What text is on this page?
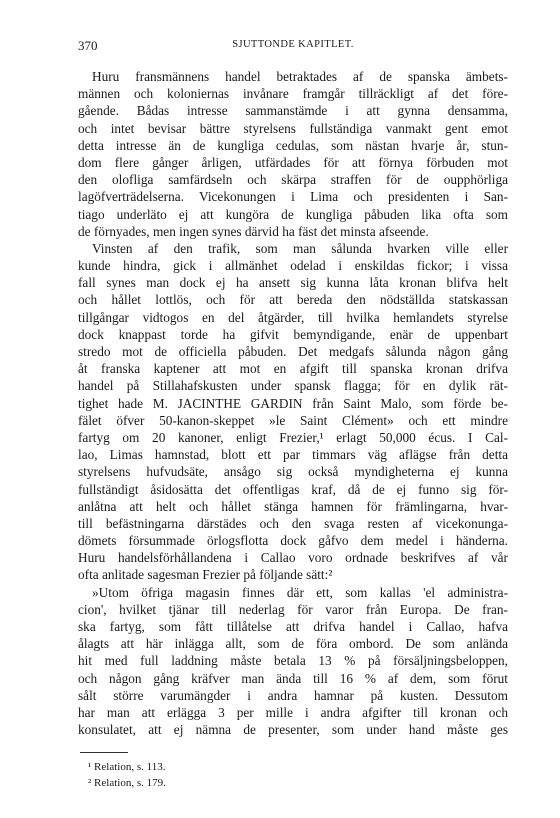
370	SJUTTONDE KAPITLET.
Huru fransmännens handel betraktades af de spanska ämbets-
männen och koloniernas invånare framgår tillräckligt af det före-
gående. Bådas intresse sammanstämde i att gynna densamma,
och intet bevisar bättre styrelsens fullständiga vanmakt gent emot
detta intresse än de kungliga cedulas, som nästan hvarje år, stun-
dom flere gånger årligen, utfärdades för att förnya förbuden mot
den olofliga samfärdseln och skärpa straffen för de oupphörliga
lagöfverträdelserna. Vicekonungen i Lima och presidenten i San-
tiago underläto ej att kungöra de kungliga påbuden lika ofta som
de förnyades, men ingen synes därvid ha fäst det minsta afseende.
Vinsten af den trafik, som man sålunda hvarken ville eller
kunde hindra, gick i allmänhet odelad i enskildas fickor; i vissa
fall synes man dock ej ha ansett sig kunna låta kronan blifva helt
och hållet lottlös, och för att bereda den nödställda statskassan
tillgångar vidtogos en del åtgärder, till hvilka hemlandets styrelse
dock knappast torde ha gifvit bemyndigande, enär de uppenbart
stredo mot de officiella påbuden. Det medgafs sålunda någon gång
åt franska kaptener att mot en afgift till spanska kronan drifva
handel på Stillahafskusten under spansk flagga; för en dylik rät-
tighet hade M. JACINTHE GARDIN från Saint Malo, som förde be-
fälet öfver 50-kanon-skeppet »le Saint Clément» och ett mindre
fartyg om 20 kanoner, enligt Frezier,¹ erlagt 50,000 écus. I Cal-
lao, Limas hamnstad, blott ett par timmars väg aflägse från detta
styrelsens hufvudsäte, ansågo sig också myndigheterna ej kunna
fullständigt åsidosätta det offentligas kraf, då de ej funno sig för-
anlåtna att helt och hållet stänga hamnen för främlingarna, hvar-
till befästningarna därstädes och den svaga resten af vicekonunga-
dömets försummade örlogsflotta dock gåfvo dem medel i händerna.
Huru handelsförhållandena i Callao voro ordnade beskrifves af vår
ofta anlitade sagesman Frezier på följande sätt:²
»Utom öfriga magasin finnes där ett, som kallas 'el administra-
cion', hvilket tjänar till nederlag för varor från Europa. De fran-
ska fartyg, som fått tillåtelse att drifva handel i Callao, hafva
ålagts att här inlägga allt, som de föra ombord. De som anlända
hit med full laddning måste betala 13 % på försäljningsbeloppen,
och någon gång kräfver man ända till 16 % af dem, som förut
sålt större varumängder i andra hamnar på kusten. Dessutom
har man att erlägga 3 per mille i andra afgifter till kronan och
konsulatet, att ej nämna de presenter, som under hand måste ges
¹ Relation, s. 113.
² Relation, s. 179.
